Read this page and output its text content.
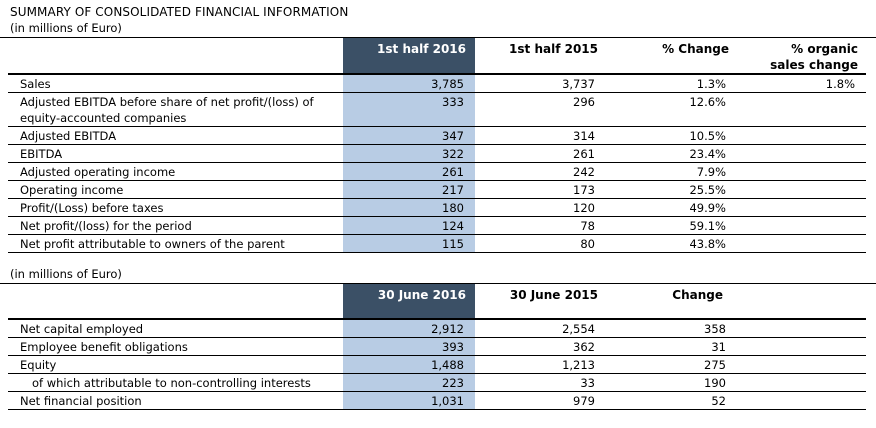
SUMMARY OF CONSOLIDATED FINANCIAL INFORMATION
(in millions of Euro)
	1st half 2016	1st half 2015	% Change	% organic sales change
Sales	3,785	3,737	1.3%	1.8%
Adjusted EBITDA before share of net profit/(loss) of equity-accounted companies	333	296	12.6%	
Adjusted EBITDA	347	314	10.5%	
EBITDA	322	261	23.4%	
Adjusted operating income	261	242	7.9%	
Operating income	217	173	25.5%	
Profit/(Loss) before taxes	180	120	49.9%	
Net profit/(loss) for the period	124	78	59.1%	
Net profit attributable to owners of the parent	115	80	43.8%	
(in millions of Euro)
	30 June 2016	30 June 2015	Change	
Net capital employed	2,912	2,554	358	
Employee benefit obligations	393	362	31	
Equity	1,488	1,213	275	
of which attributable to non-controlling interests	223	33	190	
Net financial position	1,031	979	52	
